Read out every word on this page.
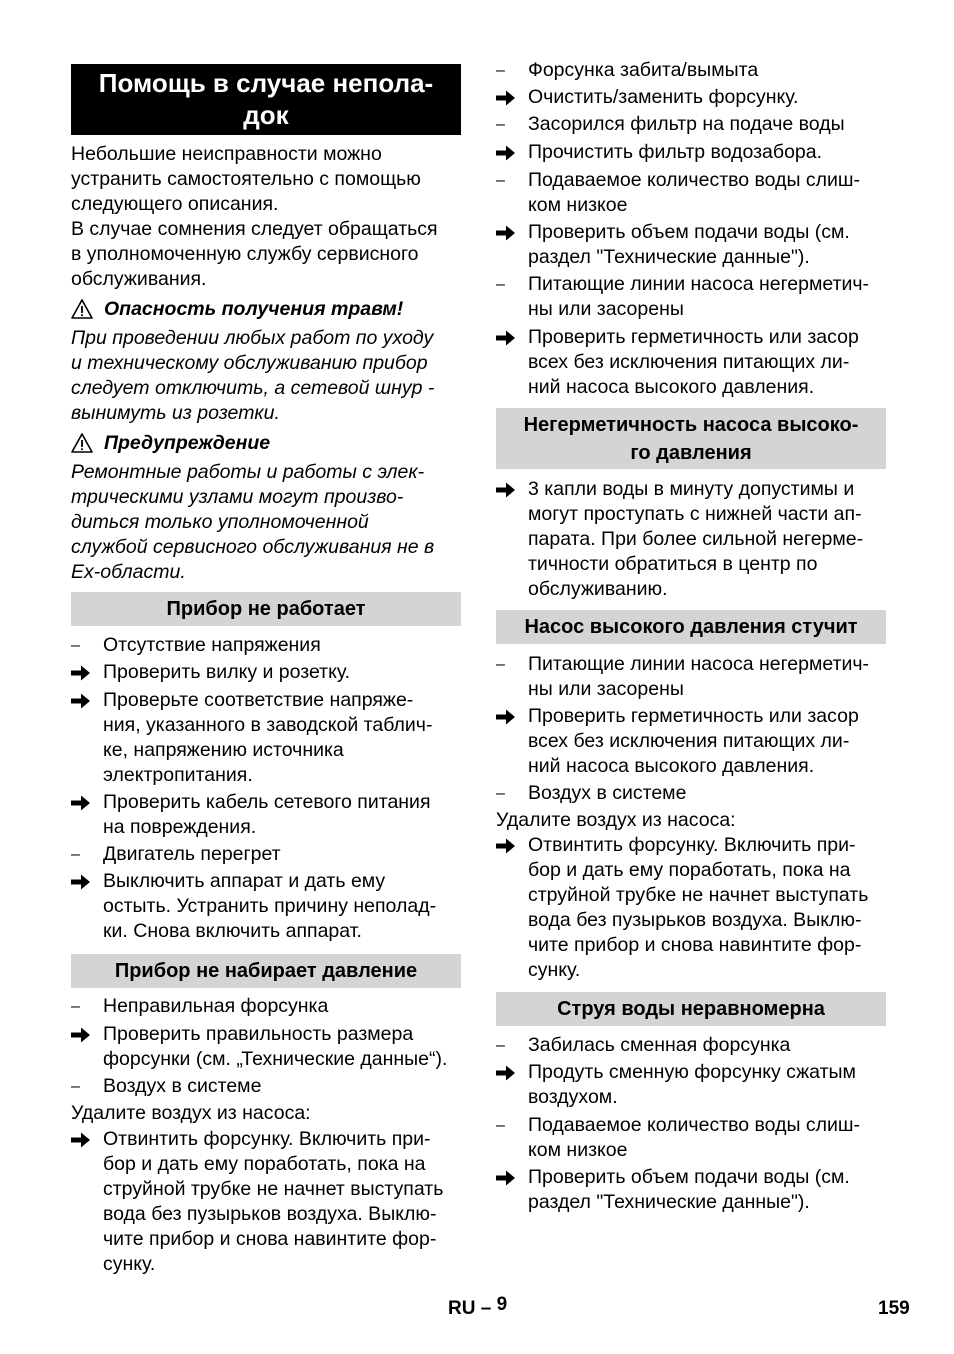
Помощь в случае непола-
док
Небольшие неисправности можно
устранить самостоятельно с помощью
следующего описания.
В случае сомнения следует обращаться
в уполномоченную службу сервисного
обслуживания.
Опасность получения травм!
При проведении любых работ по уходу
и техническому обслуживанию прибор
следует отключить, а сетевой шнур -
вынимуть из розетки.
Предупреждение
Ремонтные работы и работы с элек-
трическими узлами могут произво-
диться только уполномоченной
службой сервисного обслуживания не в
Ex-области.
Прибор не работает
–	Отсутствие напряжения
Проверить вилку и розетку.
Проверьте соответствие напряже-
ния, указанного в заводской таблич-
ке, напряжению источника
электропитания.
Проверить кабель сетевого питания
на повреждения.
–	Двигатель перегрет
Выключить аппарат и дать ему
остыть. Устранить причину неполад-
ки. Снова включить аппарат.
Прибор не набирает давление
–	Неправильная форсунка
Проверить правильность размера
форсунки (см. „Технические данные“).
–	Воздух в системе
Удалите воздух из насоса:
Отвинтить форсунку. Включить при-
бор и дать ему поработать, пока на
струйной трубке не начнет выступать
вода без пузырьков воздуха. Выклю-
чите прибор и снова навинтите фор-
сунку.
–	Форсунка забита/вымыта
Очистить/заменить форсунку.
–	Засорился фильтр на подаче воды
Прочистить фильтр водозабора.
–	Подаваемое количество воды слиш-
ком низкое
Проверить объем подачи воды (см.
раздел "Технические данные").
–	Питающие линии насоса негерметич-
ны или засорены
Проверить герметичность или засор
всех без исключения питающих ли-
ний насоса высокого давления.
Негерметичность насоса высоко-
го давления
3 капли воды в минуту допустимы и
могут проступать с нижней части ап-
парата. При более сильной негерме-
тичности обратиться в центр по
обслуживанию.
Насос высокого давления стучит
–	Питающие линии насоса негерметич-
ны или засорены
Проверить герметичность или засор
всех без исключения питающих ли-
ний насоса высокого давления.
–	Воздух в системе
Удалите воздух из насоса:
Отвинтить форсунку. Включить при-
бор и дать ему поработать, пока на
струйной трубке не начнет выступать
вода без пузырьков воздуха. Выклю-
чите прибор и снова навинтите фор-
сунку.
Струя воды неравномерна
–	Забилась сменная форсунка
Продуть сменную форсунку сжатым
воздухом.
–	Подаваемое количество воды слиш-
ком низкое
Проверить объем подачи воды (см.
раздел "Технические данные").
RU – 9	159
